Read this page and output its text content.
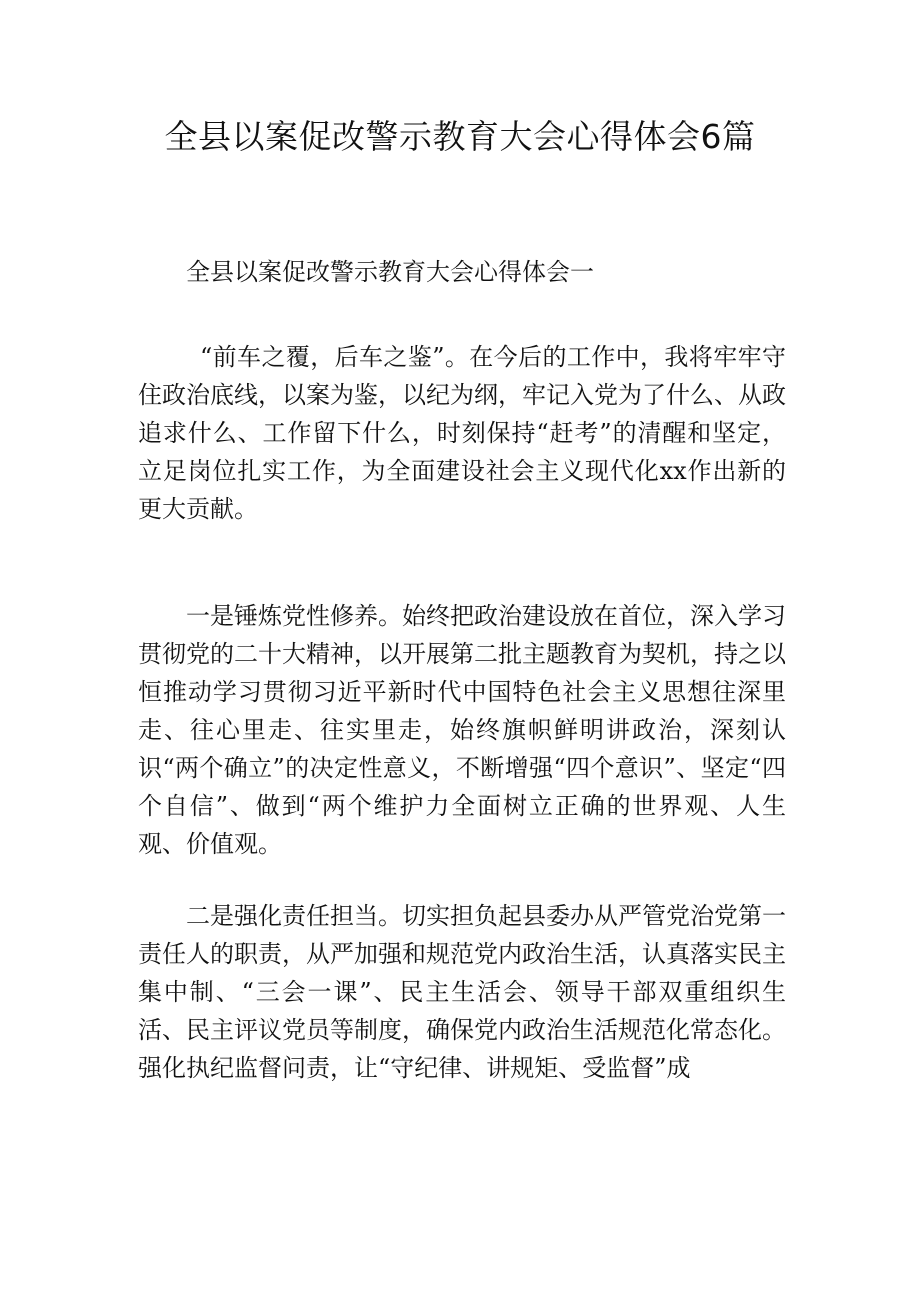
全县以案促改警示教育大会心得体会6篇

全县以案促改警示教育大会心得体会一

“前车之覆，后车之鉴”。在今后的工作中，我将牢牢守住政治底线，以案为鉴，以纪为纲，牢记入党为了什么、从政追求什么、工作留下什么，时刻保持“赶考”的清醒和坚定，立足岗位扎实工作，为全面建设社会主义现代化xx作出新的更大贡献。

一是锤炼党性修养。始终把政治建设放在首位，深入学习贯彻党的二十大精神，以开展第二批主题教育为契机，持之以恒推动学习贯彻习近平新时代中国特色社会主义思想往深里走、往心里走、往实里走，始终旗帜鲜明讲政治，深刻认识“两个确立”的决定性意义，不断增强“四个意识”、坚定“四个自信”、做到“两个维护力全面树立正确的世界观、人生观、价值观。

二是强化责任担当。切实担负起县委办从严管党治党第一责任人的职责，从严加强和规范党内政治生活，认真落实民主集中制、“三会一课”、民主生活会、领导干部双重组织生活、民主评议党员等制度，确保党内政治生活规范化常态化。强化执纪监督问责，让“守纪律、讲规矩、受监督”成
